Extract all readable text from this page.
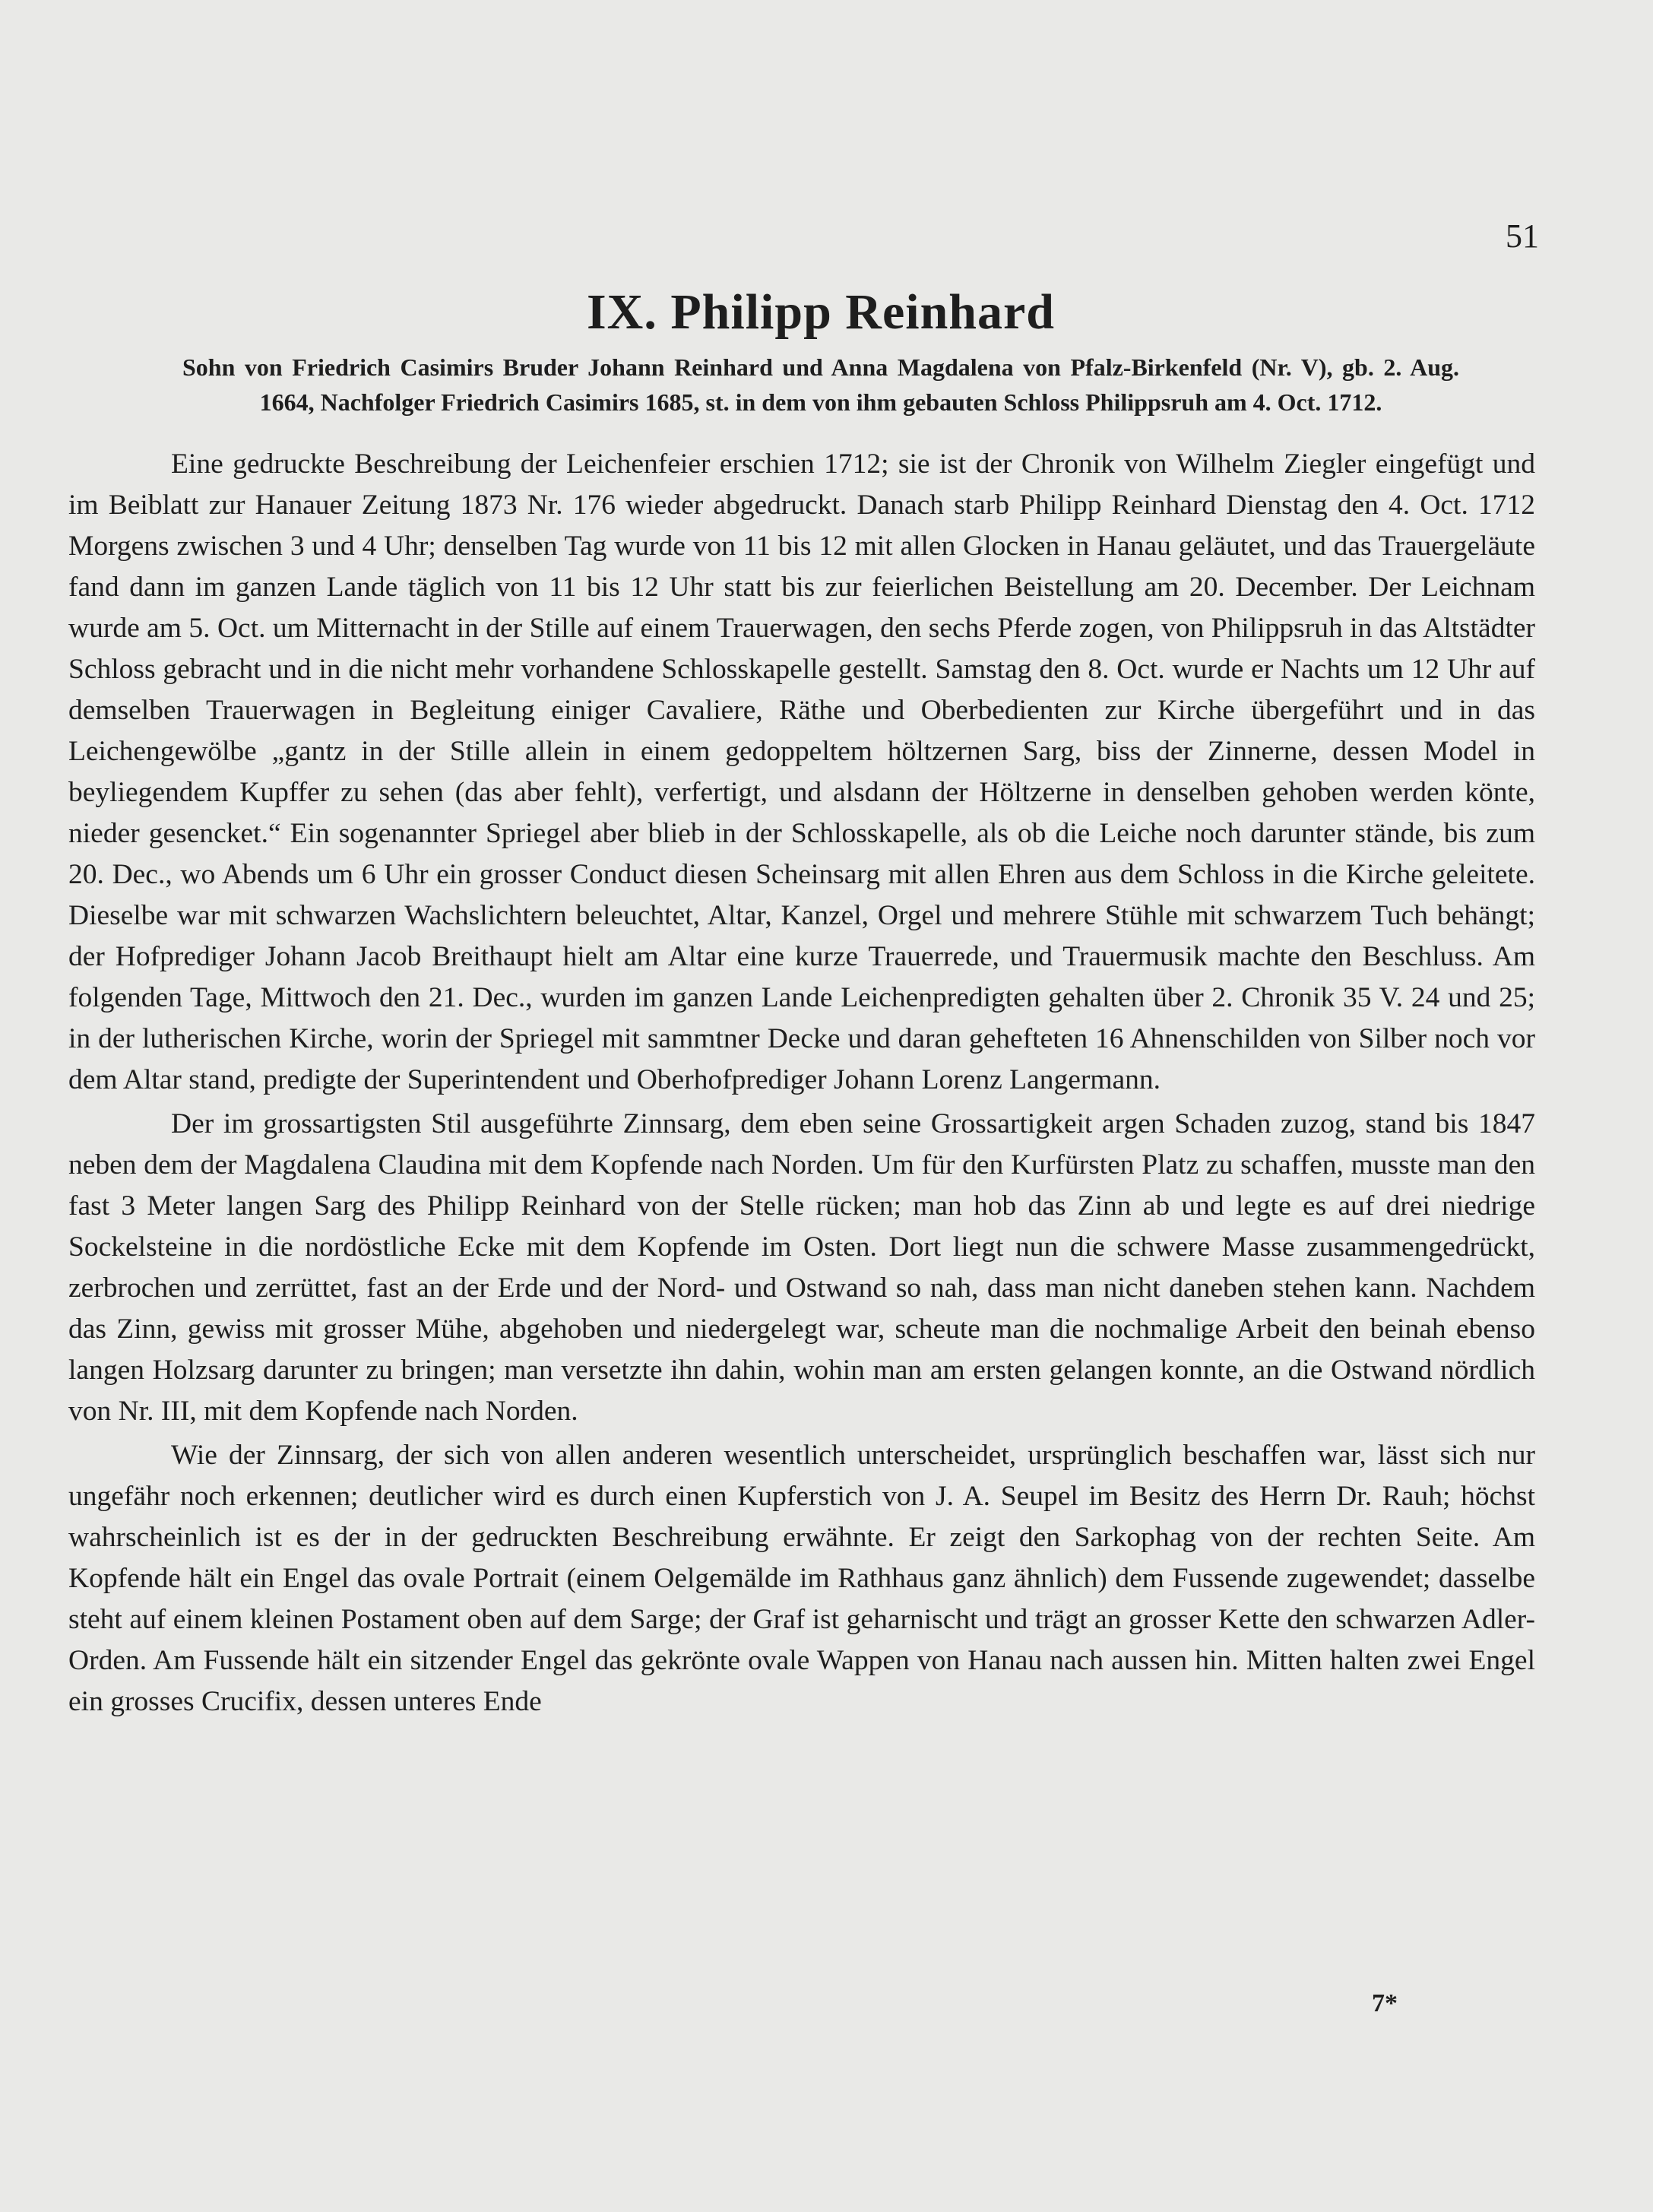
51
IX. Philipp Reinhard
Sohn von Friedrich Casimirs Bruder Johann Reinhard und Anna Magdalena von Pfalz-Birkenfeld (Nr. V), gb. 2. Aug. 1664, Nachfolger Friedrich Casimirs 1685, st. in dem von ihm gebauten Schloss Philippsruh am 4. Oct. 1712.

Eine gedruckte Beschreibung der Leichenfeier erschien 1712; sie ist der Chronik von Wilhelm Ziegler eingefügt und im Beiblatt zur Hanauer Zeitung 1873 Nr. 176 wieder abgedruckt. Danach starb Philipp Reinhard Dienstag den 4. Oct. 1712 Morgens zwischen 3 und 4 Uhr; denselben Tag wurde von 11 bis 12 mit allen Glocken in Hanau geläutet, und das Trauergeläute fand dann im ganzen Lande täglich von 11 bis 12 Uhr statt bis zur feierlichen Beistellung am 20. December. Der Leichnam wurde am 5. Oct. um Mitternacht in der Stille auf einem Trauerwagen, den sechs Pferde zogen, von Philippsruh in das Altstädter Schloss gebracht und in die nicht mehr vorhandene Schlosskapelle gestellt. Samstag den 8. Oct. wurde er Nachts um 12 Uhr auf demselben Trauerwagen in Begleitung einiger Cavaliere, Räthe und Oberbedienten zur Kirche übergeführt und in das Leichengewölbe „gantz in der Stille allein in einem gedoppeltem höltzernen Sarg, biss der Zinnerne, dessen Model in beyliegendem Kupffer zu sehen (das aber fehlt), verfertigt, und alsdann der Höltzerne in denselben gehoben werden könte, nieder gesencket.“ Ein sogenannter Spriegel aber blieb in der Schlosskapelle, als ob die Leiche noch darunter stände, bis zum 20. Dec., wo Abends um 6 Uhr ein grosser Conduct diesen Scheinsarg mit allen Ehren aus dem Schloss in die Kirche geleitete. Dieselbe war mit schwarzen Wachslichtern beleuchtet, Altar, Kanzel, Orgel und mehrere Stühle mit schwarzem Tuch behängt; der Hofprediger Johann Jacob Breithaupt hielt am Altar eine kurze Trauerrede, und Trauermusik machte den Beschluss. Am folgenden Tage, Mittwoch den 21. Dec., wurden im ganzen Lande Leichenpredigten gehalten über 2. Chronik 35 V. 24 und 25; in der lutherischen Kirche, worin der Spriegel mit sammtner Decke und daran gehefteten 16 Ahnenschilden von Silber noch vor dem Altar stand, predigte der Superintendent und Oberhofprediger Johann Lorenz Langermann.

Der im grossartigsten Stil ausgeführte Zinnsarg, dem eben seine Grossartigkeit argen Schaden zuzog, stand bis 1847 neben dem der Magdalena Claudina mit dem Kopfende nach Norden. Um für den Kurfürsten Platz zu schaffen, musste man den fast 3 Meter langen Sarg des Philipp Reinhard von der Stelle rücken; man hob das Zinn ab und legte es auf drei niedrige Sockelsteine in die nordöstliche Ecke mit dem Kopfende im Osten. Dort liegt nun die schwere Masse zusammengedrückt, zerbrochen und zerrüttet, fast an der Erde und der Nord- und Ostwand so nah, dass man nicht daneben stehen kann. Nachdem das Zinn, gewiss mit grosser Mühe, abgehoben und niedergelegt war, scheute man die nochmalige Arbeit den beinah ebenso langen Holzsarg darunter zu bringen; man versetzte ihn dahin, wohin man am ersten gelangen konnte, an die Ostwand nördlich von Nr. III, mit dem Kopfende nach Norden.

Wie der Zinnsarg, der sich von allen anderen wesentlich unterscheidet, ursprünglich beschaffen war, lässt sich nur ungefähr noch erkennen; deutlicher wird es durch einen Kupferstich von J. A. Seupel im Besitz des Herrn Dr. Rauh; höchst wahrscheinlich ist es der in der gedruckten Beschreibung erwähnte. Er zeigt den Sarkophag von der rechten Seite. Am Kopfende hält ein Engel das ovale Portrait (einem Oelgemälde im Rathhaus ganz ähnlich) dem Fussende zugewendet; dasselbe steht auf einem kleinen Postament oben auf dem Sarge; der Graf ist geharnischt und trägt an grosser Kette den schwarzen Adler-Orden. Am Fussende hält ein sitzender Engel das gekrönte ovale Wappen von Hanau nach aussen hin. Mitten halten zwei Engel ein grosses Crucifix, dessen unteres Ende

7*
